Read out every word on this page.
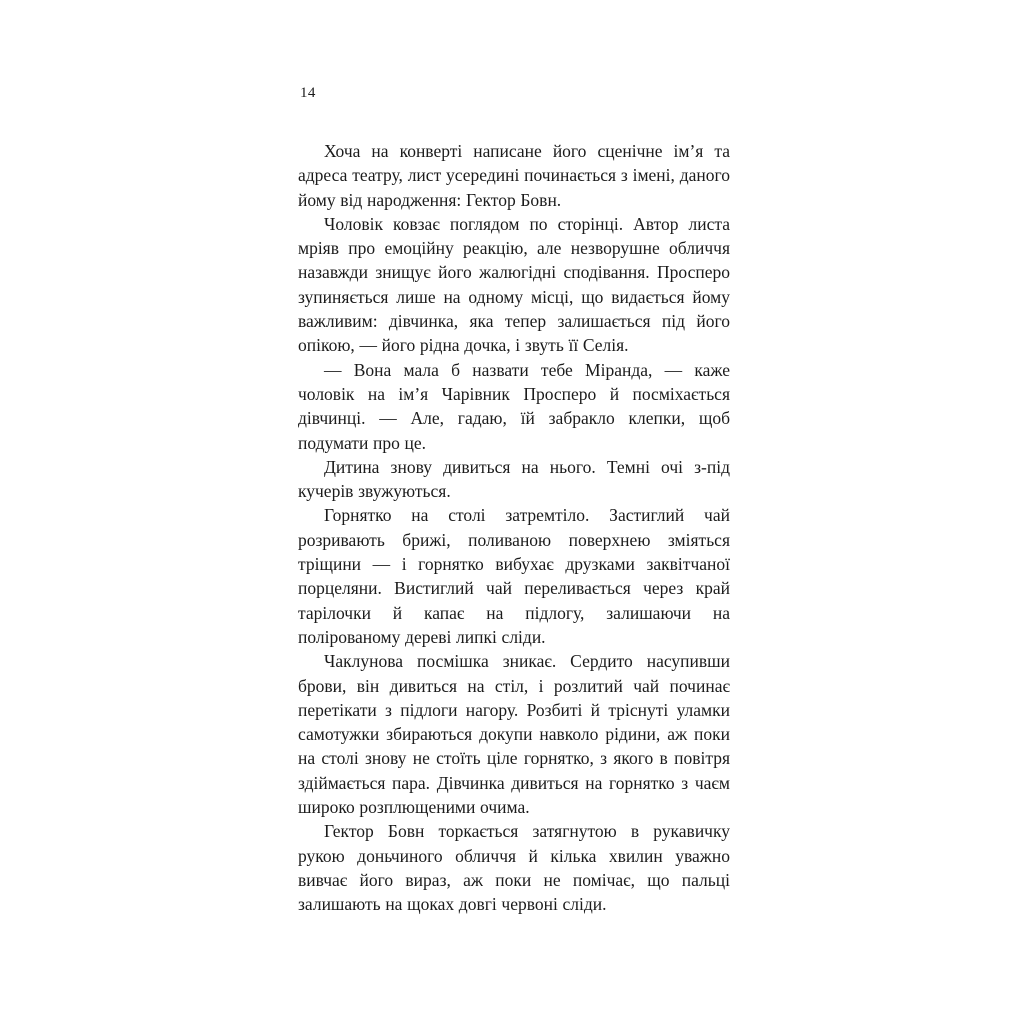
14

Хоча на конверті написане його сценічне ім’я та адреса театру, лист усередині починається з імені, даного йому від народження: Гектор Бовн.

Чоловік ковзає поглядом по сторінці. Автор листа мріяв про емоційну реакцію, але незворушне обличчя назавжди знищує його жалюгідні сподівання. Просперо зупиняється лише на одному місці, що видається йому важливим: дівчинка, яка тепер залишається під його опікою, — його рідна дочка, і звуть її Селія.

— Вона мала б назвати тебе Міранда, — каже чоловік на ім’я Чарівник Просперо й посміхається дівчинці. — Але, гадаю, їй забракло клепки, щоб подумати про це.

Дитина знову дивиться на нього. Темні очі з-під кучерів звужуються.

Горнятко на столі затремтіло. Застиглий чай розривають брижі, поливаною поверхнею зміяться тріщини — і горнятко вибухає друзками заквітчаної порцеляни. Вистиглий чай переливається через край тарілочки й капає на підлогу, залишаючи на полірованому дереві липкі сліди.

Чаклунова посмішка зникає. Сердито насупивши брови, він дивиться на стіл, і розлитий чай починає перетікати з підлоги нагору. Розбиті й тріснуті уламки самотужки збираються докупи навколо рідини, аж поки на столі знову не стоїть ціле горнятко, з якого в повітря здіймається пара. Дівчинка дивиться на горнятко з чаєм широко розплющеними очима.

Гектор Бовн торкається затягнутою в рукавичку рукою доньчиного обличчя й кілька хвилин уважно вивчає його вираз, аж поки не помічає, що пальці залишають на щоках довгі червоні сліди.
